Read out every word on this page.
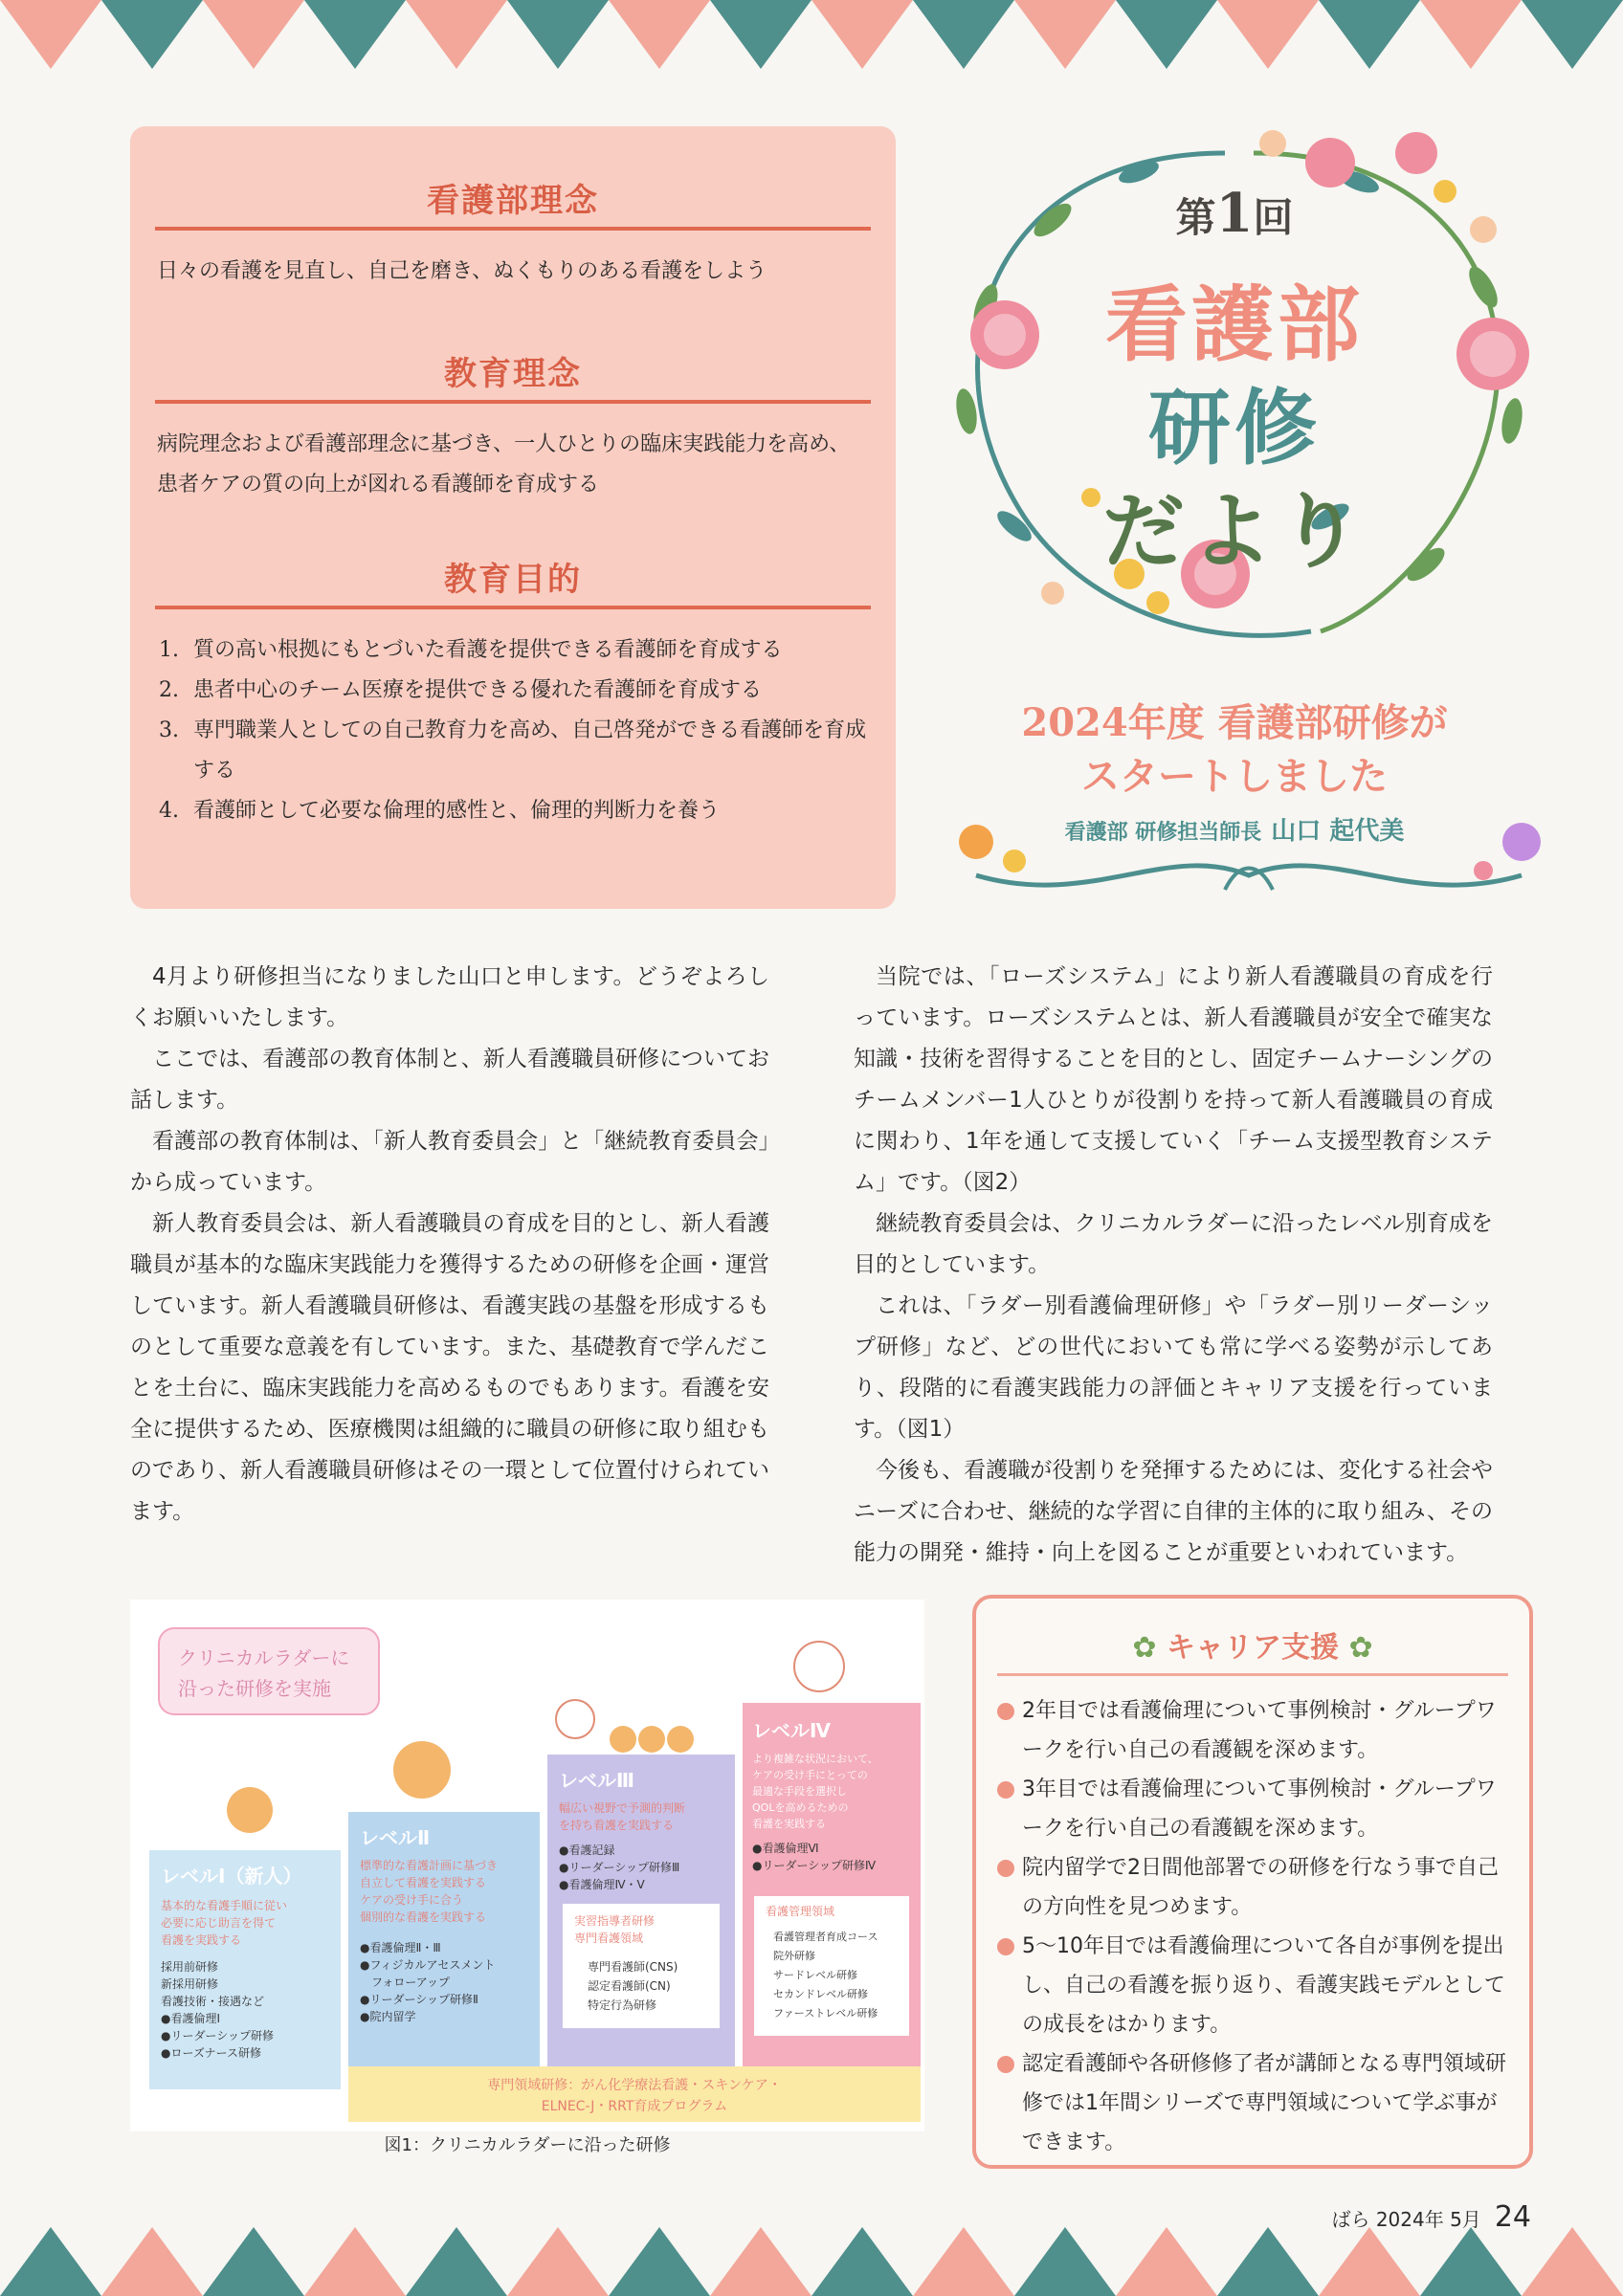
看護部理念

日々の看護を見直し、自己を磨き、ぬくもりのある看護をしよう

教育理念

病院理念および看護部理念に基づき、一人ひとりの臨床実践能力を高め、患者ケアの質の向上が図れる看護師を育成する

教育目的
1. 質の高い根拠にもとづいた看護を提供できる看護師を育成する
2. 患者中心のチーム医療を提供できる優れた看護師を育成する
3. 専門職業人としての自己教育力を高め、自己啓発ができる看護師を育成する
4. 看護師として必要な倫理的感性と、倫理的判断力を養う
第1回
看護部
研修
だより
2024年度 看護部研修が
スタートしました
看護部 研修担当師長 山口 起代美

4月より研修担当になりました山口と申します。どうぞよろしくお願いいたします。

ここでは、看護部の教育体制と、新人看護職員研修についてお話します。

看護部の教育体制は、「新人教育委員会」と「継続教育委員会」から成っています。

新人教育委員会は、新人看護職員の育成を目的とし、新人看護職員が基本的な臨床実践能力を獲得するための研修を企画・運営しています。新人看護職員研修は、看護実践の基盤を形成するものとして重要な意義を有しています。また、基礎教育で学んだことを土台に、臨床実践能力を高めるものでもあります。看護を安全に提供するため、医療機関は組織的に職員の研修に取り組むものであり、新人看護職員研修はその一環として位置付けられています。

当院では、「ローズシステム」により新人看護職員の育成を行っています。ローズシステムとは、新人看護職員が安全で確実な知識・技術を習得することを目的とし、固定チームナーシングのチームメンバー1人ひとりが役割りを持って新人看護職員の育成に関わり、1年を通して支援していく「チーム支援型教育システム」です。（図2）

継続教育委員会は、クリニカルラダーに沿ったレベル別育成を目的としています。

これは、「ラダー別看護倫理研修」や「ラダー別リーダーシップ研修」など、どの世代においても常に学べる姿勢が示してあり、段階的に看護実践能力の評価とキャリア支援を行っています。（図1）

今後も、看護職が役割りを発揮するためには、変化する社会やニーズに合わせ、継続的な学習に自律的主体的に取り組み、その能力の開発・維持・向上を図ることが重要といわれています。

クリニカルラダーに
沿った研修を実施
レベルⅠ（新人）
基本的な看護手順に従い
必要に応じ助言を得て
看護を実践する
採用前研修
新採用研修
看護技術・接遇など
●看護倫理Ⅰ
●リーダーシップ研修
●ローズナース研修
レベルⅡ
標準的な看護計画に基づき
自立して看護を実践する
ケアの受け手に合う
個別的な看護を実践する
●看護倫理Ⅱ・Ⅲ
●フィジカルアセスメント
　フォローアップ
●リーダーシップ研修Ⅱ
●院内留学
レベルⅢ
幅広い視野で予測的判断
を持ち看護を実践する
●看護記録
●リーダーシップ研修Ⅲ
●看護倫理Ⅳ・Ⅴ
実習指導者研修
専門看護領域
専門看護師(CNS)
認定看護師(CN)
特定行為研修
レベルⅣ
より複雑な状況において、
ケアの受け手にとっての
最適な手段を選択し
QOLを高めるための
看護を実践する
●看護倫理Ⅵ
●リーダーシップ研修Ⅳ
看護管理領域
看護管理者育成コース
院外研修
サードレベル研修
セカンドレベル研修
ファーストレベル研修
専門領域研修：がん化学療法看護・スキンケア・
ELNEC-J・RRT育成プログラム
図1：クリニカルラダーに沿った研修
✿ キャリア支援 ✿
2年目では看護倫理について事例検討・グループワークを行い自己の看護観を深めます。
3年目では看護倫理について事例検討・グループワークを行い自己の看護観を深めます。
院内留学で2日間他部署での研修を行なう事で自己の方向性を見つめます。
5～10年目では看護倫理について各自が事例を提出し、自己の看護を振り返り、看護実践モデルとしての成長をはかります。
認定看護師や各研修修了者が講師となる専門領域研修では1年間シリーズで専門領域について学ぶ事ができます。
ばら 2024年 5月 24
